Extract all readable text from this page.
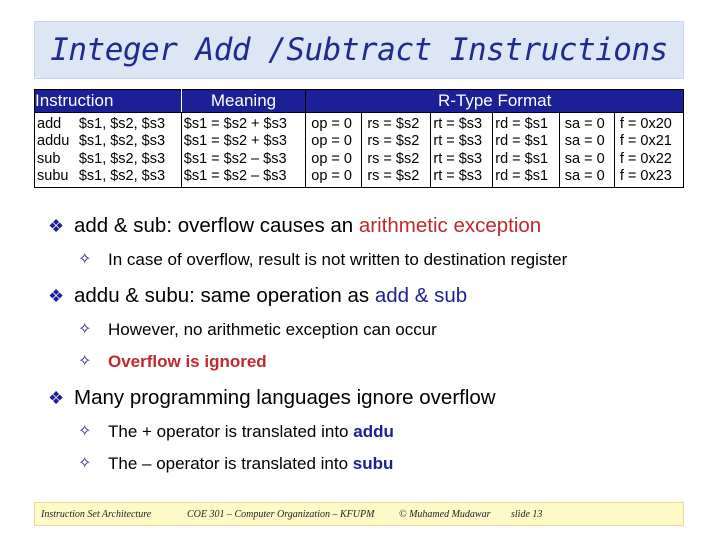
Integer Add /Subtract Instructions
Instruction		Meaning	R-Type Format					
add	$s1, $s2, $s3	$s1 = $s2 + $s3	op = 0	rs = $s2	rt = $s3	rd = $s1	sa = 0	f = 0x20
addu	$s1, $s2, $s3	$s1 = $s2 + $s3	op = 0	rs = $s2	rt = $s3	rd = $s1	sa = 0	f = 0x21
sub	$s1, $s2, $s3	$s1 = $s2 – $s3	op = 0	rs = $s2	rt = $s3	rd = $s1	sa = 0	f = 0x22
subu	$s1, $s2, $s3	$s1 = $s2 – $s3	op = 0	rs = $s2	rt = $s3	rd = $s1	sa = 0	f = 0x23
❖ add & sub: overflow causes an arithmetic exception
✧ In case of overflow, result is not written to destination register
❖ addu & subu: same operation as add & sub
✧ However, no arithmetic exception can occur
✧ Overflow is ignored
❖ Many programming languages ignore overflow
✧ The + operator is translated into addu
✧ The – operator is translated into subu
Instruction Set Architecture	COE 301 – Computer Organization – KFUPM © Muhamed Mudawar slide 13
